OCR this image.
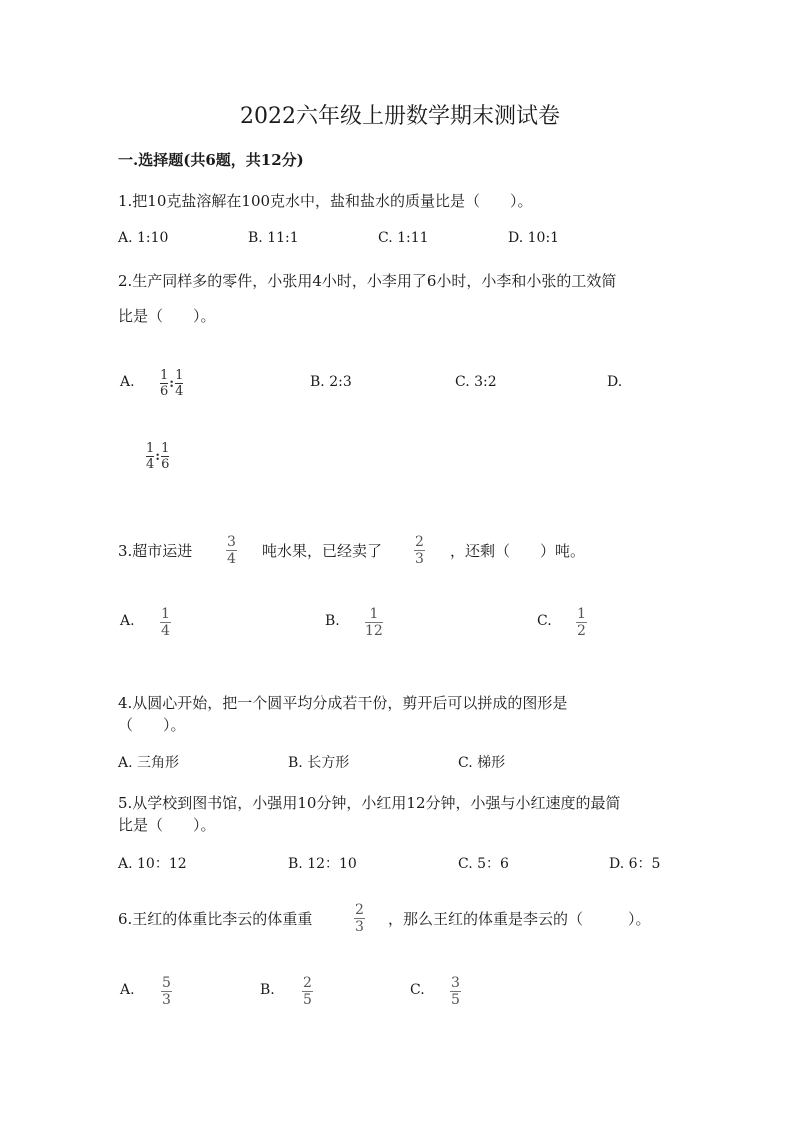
2022六年级上册数学期末测试卷
一.选择题(共6题，共12分)
1.把10克盐溶解在100克水中，盐和盐水的质量比是（　　）。
A. 1:10	B. 11:1	C. 1:11	D. 10:1
2.生产同样多的零件，小张用4小时，小李用了6小时，小李和小张的工效简
比是（　　）。
A. 1
6
:
1
4
B. 2:3	C. 3:2	D.
1
4
:
1
6
3.超市运进 3
4 吨水果，已经卖了 2
3 ，还剩（　　）吨。
A. 1
4
B. 1
12
C. 1
2
4.从圆心开始，把一个圆平均分成若干份，剪开后可以拼成的图形是
（　　）。
A. 三角形	B. 长方形	C. 梯形
5.从学校到图书馆，小强用10分钟，小红用12分钟，小强与小红速度的最简
比是（　　）。
A. 10：12	B. 12：10	C. 5：6	D. 6：5
6.王红的体重比李云的体重重	2
3 ，那么王红的体重是李云的（　　　）。
A. 5
3
B. 2
5
C. 3
5
